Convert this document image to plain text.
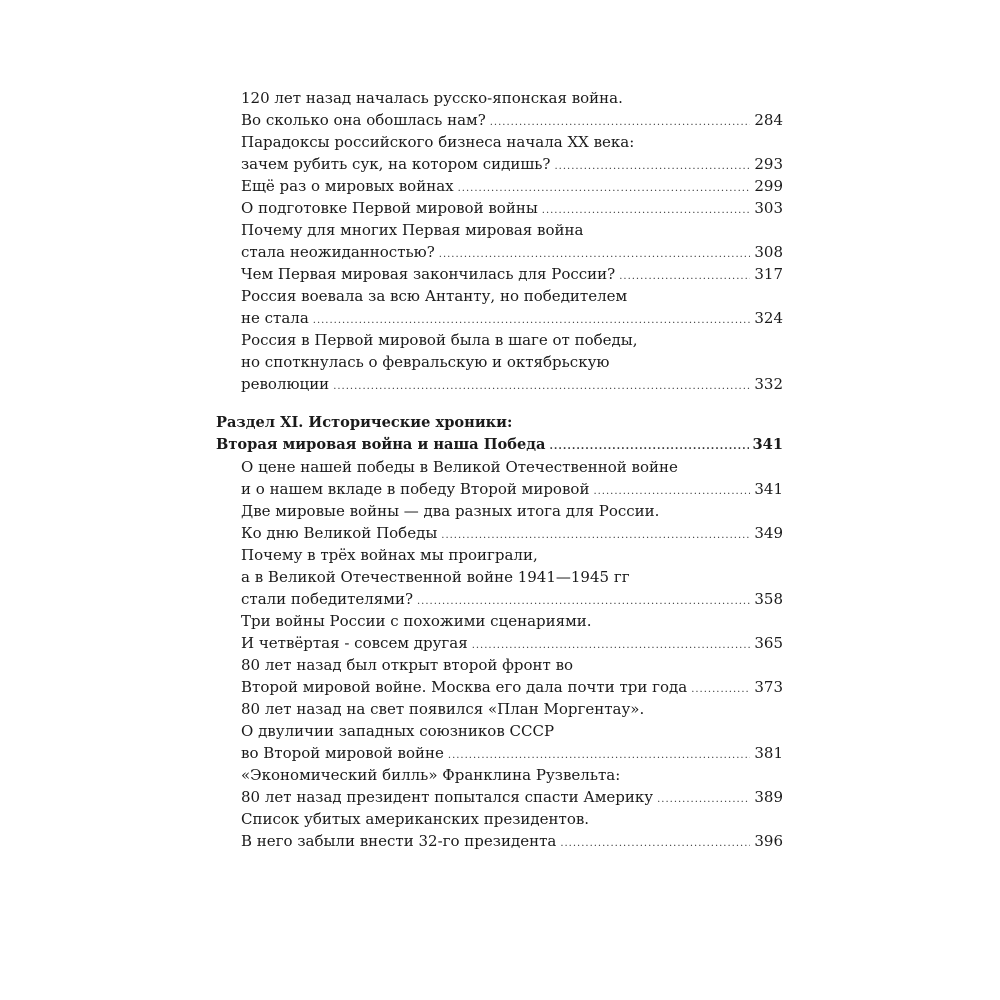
120 лет назад началась русско-японская война.
Во сколько она обошлась нам? .....	284
Парадоксы российского бизнеса начала XX века:
зачем рубить сук, на котором сидишь? .....	293
Ещё раз о мировых войнах .....	299
О подготовке Первой мировой войны .....	303
Почему для многих Первая мировая война
стала неожиданностью? .....	308
Чем Первая мировая закончилась для России? .....	317
Россия воевала за всю Антанту, но победителем
не стала .....	324
Россия в Первой мировой была в шаге от победы,
но споткнулась о февральскую и октябрьскую
революции .....	332
Раздел XI. Исторические хроники:
Вторая мировая война и наша Победа .....	341
О цене нашей победы в Великой Отечественной войне
и о нашем вкладе в победу Второй мировой .....	341
Две мировые войны — два разных итога для России.
Ко дню Великой Победы .....	349
Почему в трёх войнах мы проиграли,
а в Великой Отечественной войне 1941—1945 гг
стали победителями? .....	358
Три войны России с похожими сценариями.
И четвёртая - совсем другая .....	365
80 лет назад был открыт второй фронт во
Второй мировой войне. Москва его дала почти три года .....	373
80 лет назад на свет появился «План Моргентау».
О двуличии западных союзников СССР
во Второй мировой войне .....	381
«Экономический билль» Франклина Рузвельта:
80 лет назад президент попытался спасти Америку .....	389
Список убитых американских президентов.
В него забыли внести 32-го президента .....	396
